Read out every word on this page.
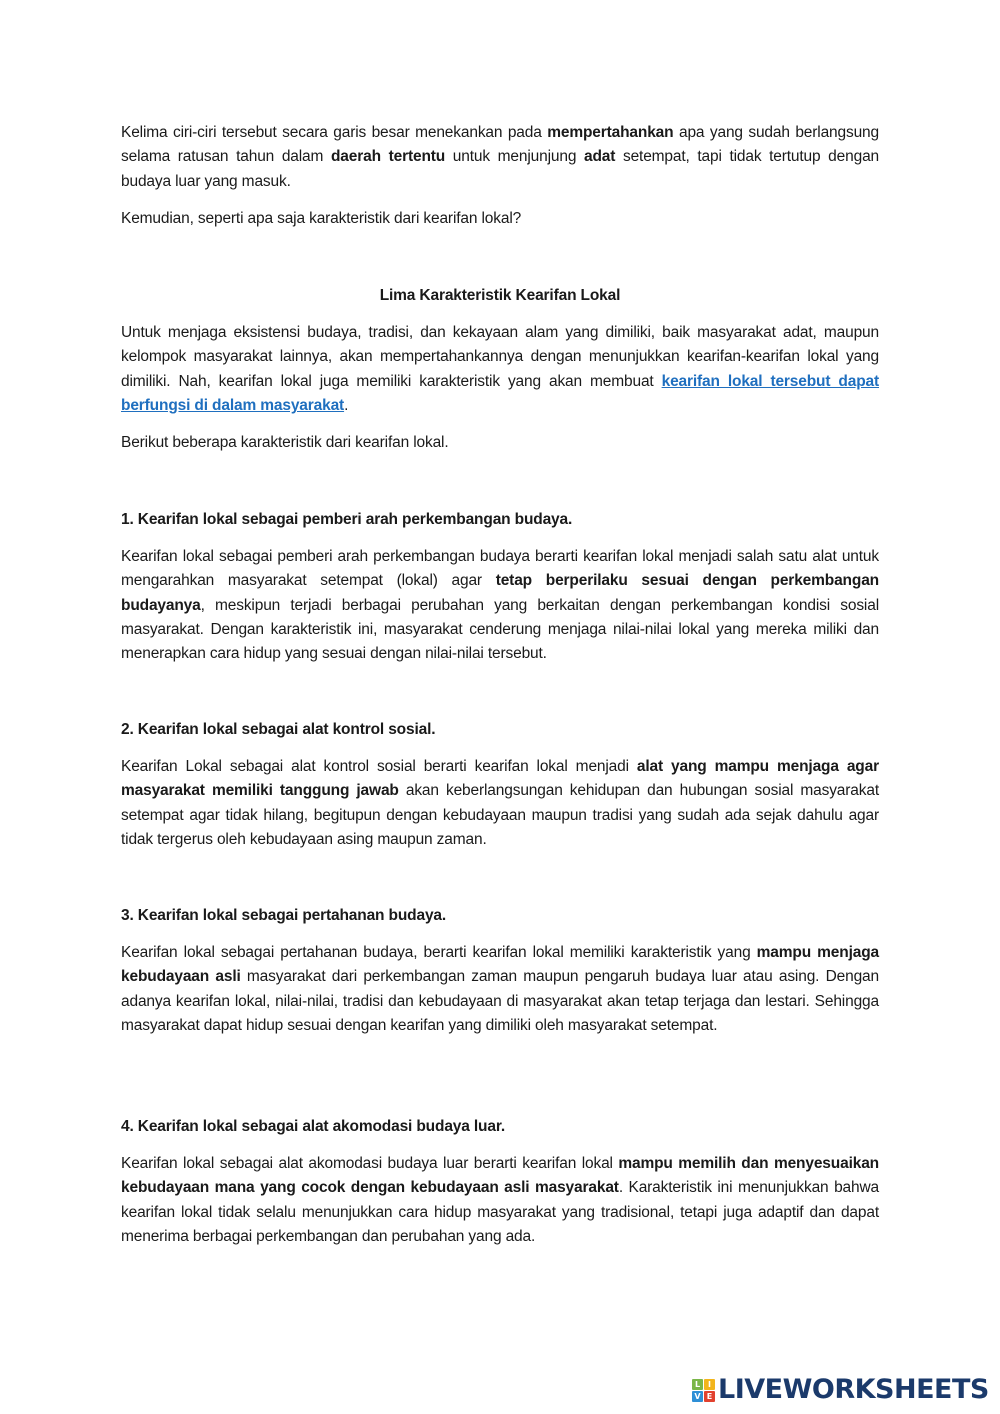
Kelima ciri-ciri tersebut secara garis besar menekankan pada mempertahankan apa yang sudah berlangsung selama ratusan tahun dalam daerah tertentu untuk menjunjung adat setempat, tapi tidak tertutup dengan budaya luar yang masuk.

Kemudian, seperti apa saja karakteristik dari kearifan lokal?

Lima Karakteristik Kearifan Lokal

Untuk menjaga eksistensi budaya, tradisi, dan kekayaan alam yang dimiliki, baik masyarakat adat, maupun kelompok masyarakat lainnya, akan mempertahankannya dengan menunjukkan kearifan-kearifan lokal yang dimiliki. Nah, kearifan lokal juga memiliki karakteristik yang akan membuat kearifan lokal tersebut dapat berfungsi di dalam masyarakat.

Berikut beberapa karakteristik dari kearifan lokal.

1. Kearifan lokal sebagai pemberi arah perkembangan budaya.

Kearifan lokal sebagai pemberi arah perkembangan budaya berarti kearifan lokal menjadi salah satu alat untuk mengarahkan masyarakat setempat (lokal) agar tetap berperilaku sesuai dengan perkembangan budayanya, meskipun terjadi berbagai perubahan yang berkaitan dengan perkembangan kondisi sosial masyarakat. Dengan karakteristik ini, masyarakat cenderung menjaga nilai-nilai lokal yang mereka miliki dan menerapkan cara hidup yang sesuai dengan nilai-nilai tersebut.

2. Kearifan lokal sebagai alat kontrol sosial.

Kearifan Lokal sebagai alat kontrol sosial berarti kearifan lokal menjadi alat yang mampu menjaga agar masyarakat memiliki tanggung jawab akan keberlangsungan kehidupan dan hubungan sosial masyarakat setempat agar tidak hilang, begitupun dengan kebudayaan maupun tradisi yang sudah ada sejak dahulu agar tidak tergerus oleh kebudayaan asing maupun zaman.

3. Kearifan lokal sebagai pertahanan budaya.

Kearifan lokal sebagai pertahanan budaya, berarti kearifan lokal memiliki karakteristik yang mampu menjaga kebudayaan asli masyarakat dari perkembangan zaman maupun pengaruh budaya luar atau asing. Dengan adanya kearifan lokal, nilai-nilai, tradisi dan kebudayaan di masyarakat akan tetap terjaga dan lestari. Sehingga masyarakat dapat hidup sesuai dengan kearifan yang dimiliki oleh masyarakat setempat.

4. Kearifan lokal sebagai alat akomodasi budaya luar.

Kearifan lokal sebagai alat akomodasi budaya luar berarti kearifan lokal mampu memilih dan menyesuaikan kebudayaan mana yang cocok dengan kebudayaan asli masyarakat. Karakteristik ini menunjukkan bahwa kearifan lokal tidak selalu menunjukkan cara hidup masyarakat yang tradisional, tetapi juga adaptif dan dapat menerima berbagai perkembangan dan perubahan yang ada.

L I
V E LIVEWORKSHEETS
